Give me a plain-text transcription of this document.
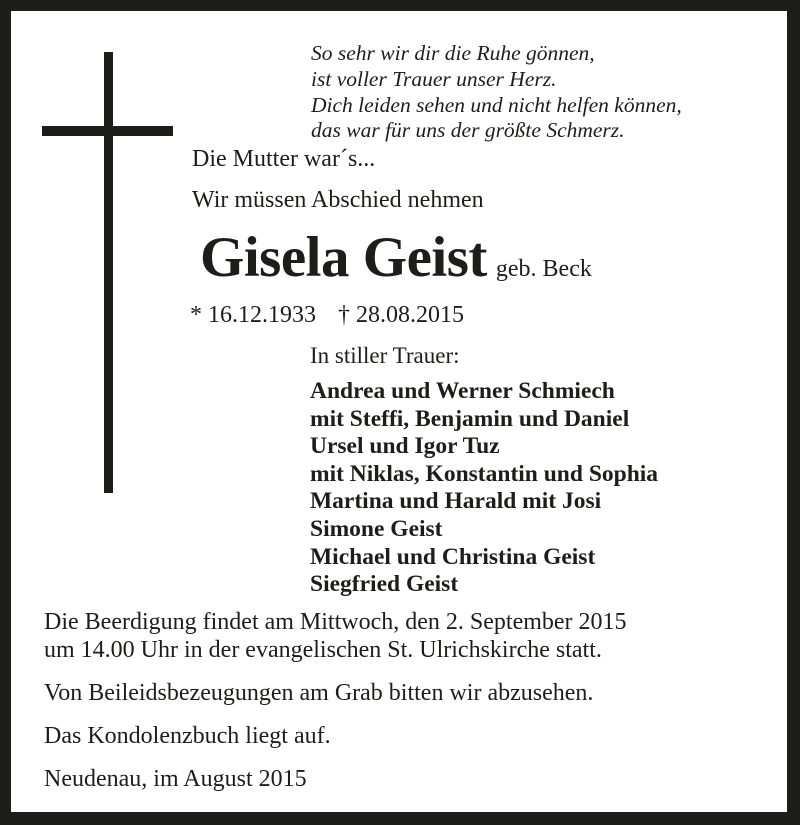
So sehr wir dir die Ruhe gönnen,
ist voller Trauer unser Herz.
Dich leiden sehen und nicht helfen können,
das war für uns der größte Schmerz.
Die Mutter war´s...
Wir müssen Abschied nehmen
Gisela Geist geb. Beck
* 16.12.1933 † 28.08.2015
In stiller Trauer:
Andrea und Werner Schmiech
mit Steffi, Benjamin und Daniel
Ursel und Igor Tuz
mit Niklas, Konstantin und Sophia
Martina und Harald mit Josi
Simone Geist
Michael und Christina Geist
Siegfried Geist
Die Beerdigung findet am Mittwoch, den 2. September 2015
um 14.00 Uhr in der evangelischen St. Ulrichskirche statt.
Von Beileidsbezeugungen am Grab bitten wir abzusehen.
Das Kondolenzbuch liegt auf.
Neudenau, im August 2015
